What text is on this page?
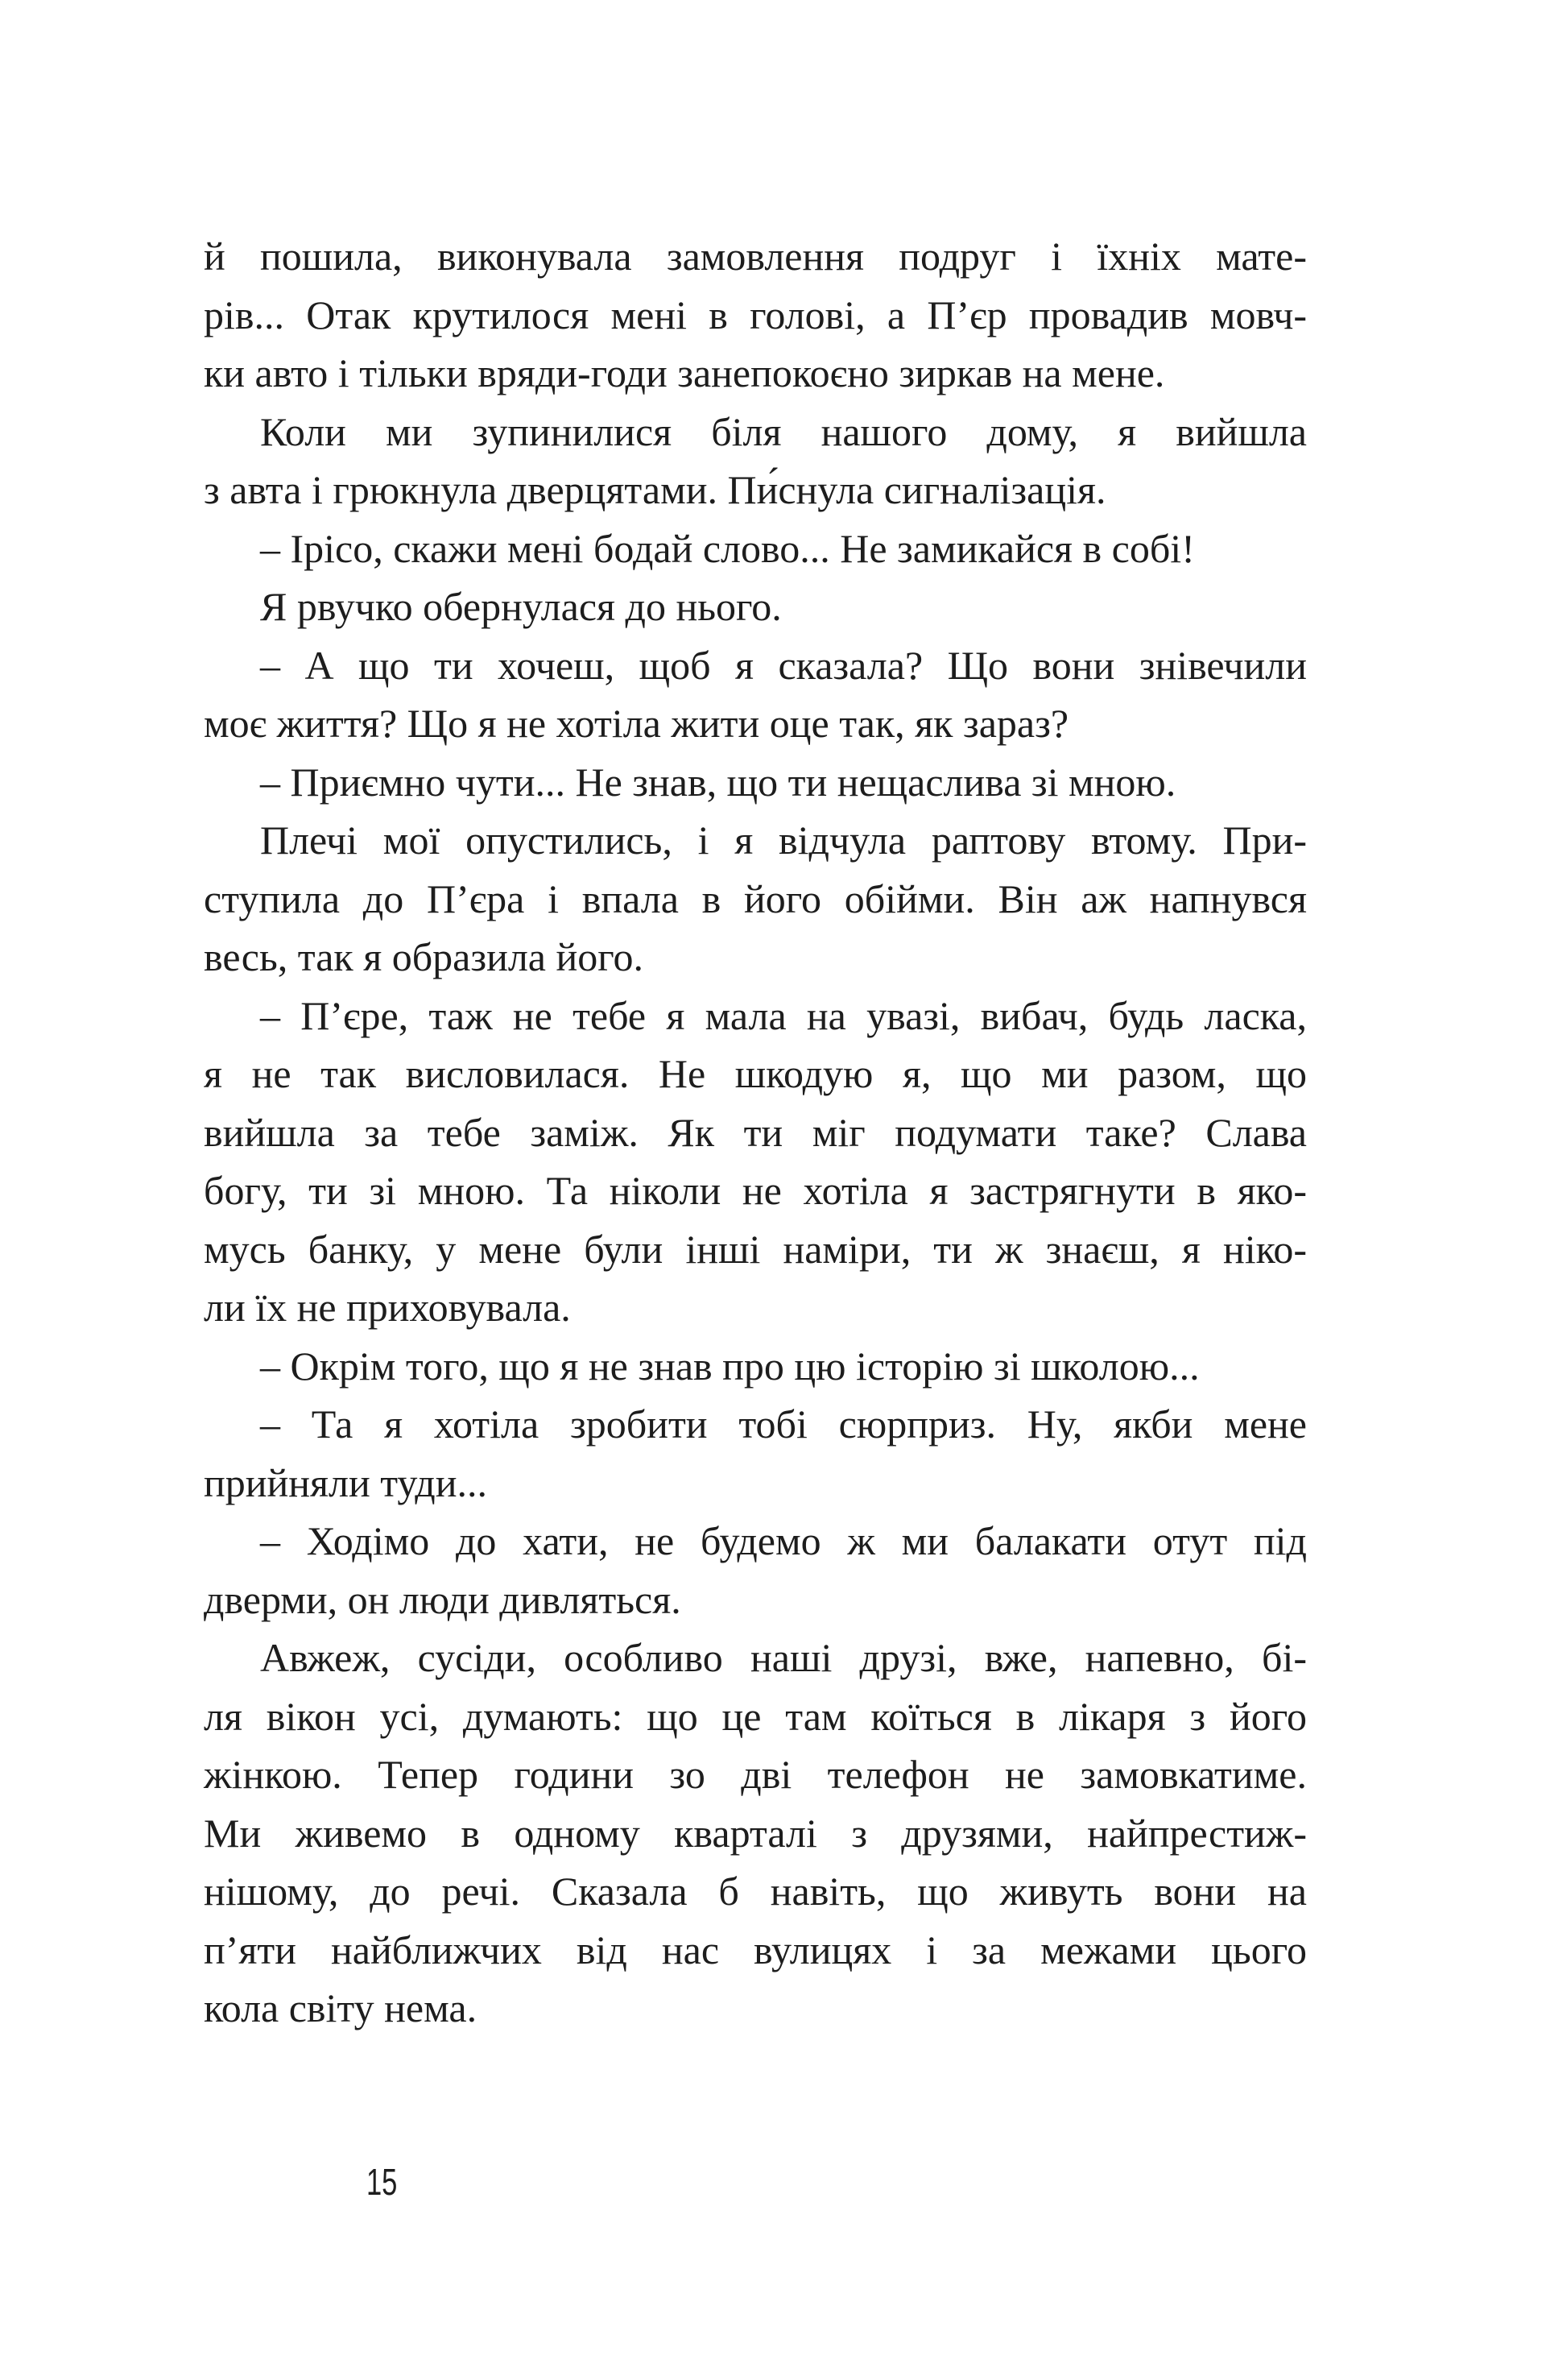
й пошила, виконувала замовлення подруг і їхніх мате-
рів... Отак крутилося мені в голові, а П’єр провадив мовч-
ки авто і тільки вряди-годи занепокоєно зиркав на мене.
Коли ми зупинилися біля нашого дому, я вийшла
з авта і грюкнула дверцятами. Пи́снула сигналізація.
– Ірісо, скажи мені бодай слово... Не замикайся в собі!
Я рвучко обернулася до нього.
– А що ти хочеш, щоб я сказала? Що вони знівечили
моє життя? Що я не хотіла жити оце так, як зараз?
– Приємно чути... Не знав, що ти нещаслива зі мною.
Плечі мої опустились, і я відчула раптову втому. При-
ступила до П’єра і впала в його обійми. Він аж напнувся
весь, так я образила його.
– П’єре, таж не тебе я мала на увазі, вибач, будь ласка,
я не так висловилася. Не шкодую я, що ми разом, що
вийшла за тебе заміж. Як ти міг подумати таке? Слава
богу, ти зі мною. Та ніколи не хотіла я застрягнути в яко-
мусь банку, у мене були інші наміри, ти ж знаєш, я ніко-
ли їх не приховувала.
– Окрім того, що я не знав про цю історію зі школою...
– Та я хотіла зробити тобі сюрприз. Ну, якби мене
прийняли туди...
– Ходімо до хати, не будемо ж ми балакати отут під
дверми, он люди дивляться.
Авжеж, сусіди, особливо наші друзі, вже, напевно, бі-
ля вікон усі, думають: що це там коїться в лікаря з його
жінкою. Тепер години зо дві телефон не замовкатиме.
Ми живемо в одному кварталі з друзями, найпрестиж-
нішому, до речі. Сказала б навіть, що живуть вони на
п’яти найближчих від нас вулицях і за межами цього
кола світу нема.
15
